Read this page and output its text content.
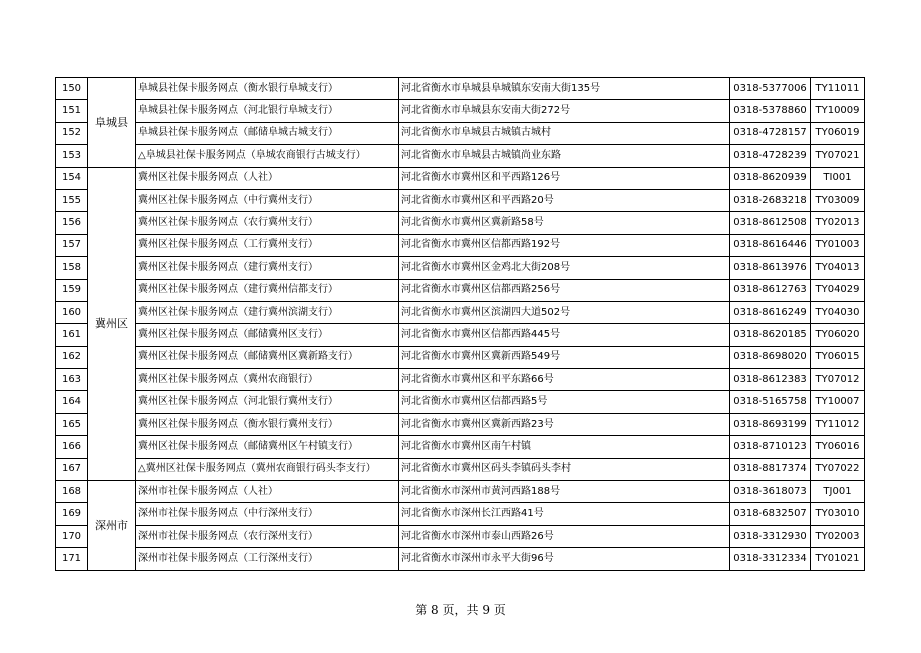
150	阜城县	阜城县社保卡服务网点（衡水银行阜城支行）	河北省衡水市阜城县阜城镇东安南大街135号	0318-5377006	TY11011
151		阜城县社保卡服务网点（河北银行阜城支行）	河北省衡水市阜城县东安南大街272号	0318-5378860	TY10009
152		阜城县社保卡服务网点（邮储阜城古城支行）	河北省衡水市阜城县古城镇古城村	0318-4728157	TY06019
153		△阜城县社保卡服务网点（阜城农商银行古城支行）	河北省衡水市阜城县古城镇尚业东路	0318-4728239	TY07021
154	冀州区	冀州区社保卡服务网点（人社）	河北省衡水市冀州区和平西路126号	0318-8620939	TI001
155		冀州区社保卡服务网点（中行冀州支行）	河北省衡水市冀州区和平西路20号	0318-2683218	TY03009
156		冀州区社保卡服务网点（农行冀州支行）	河北省衡水市冀州区冀新路58号	0318-8612508	TY02013
157		冀州区社保卡服务网点（工行冀州支行）	河北省衡水市冀州区信都西路192号	0318-8616446	TY01003
158		冀州区社保卡服务网点（建行冀州支行）	河北省衡水市冀州区金鸡北大街208号	0318-8613976	TY04013
159		冀州区社保卡服务网点（建行冀州信都支行）	河北省衡水市冀州区信都西路256号	0318-8612763	TY04029
160		冀州区社保卡服务网点（建行冀州滨湖支行）	河北省衡水市冀州区滨湖四大道502号	0318-8616249	TY04030
161		冀州区社保卡服务网点（邮储冀州区支行）	河北省衡水市冀州区信都西路445号	0318-8620185	TY06020
162		冀州区社保卡服务网点（邮储冀州区冀新路支行）	河北省衡水市冀州区冀新西路549号	0318-8698020	TY06015
163		冀州区社保卡服务网点（冀州农商银行）	河北省衡水市冀州区和平东路66号	0318-8612383	TY07012
164		冀州区社保卡服务网点（河北银行冀州支行）	河北省衡水市冀州区信都西路5号	0318-5165758	TY10007
165		冀州区社保卡服务网点（衡水银行冀州支行）	河北省衡水市冀州区冀新西路23号	0318-8693199	TY11012
166		冀州区社保卡服务网点（邮储冀州区午村镇支行）	河北省衡水市冀州区南午村镇	0318-8710123	TY06016
167		△冀州区社保卡服务网点（冀州农商银行码头李支行）	河北省衡水市冀州区码头李镇码头李村	0318-8817374	TY07022
168	深州市	深州市社保卡服务网点（人社）	河北省衡水市深州市黄河西路188号	0318-3618073	TJ001
169		深州市社保卡服务网点（中行深州支行）	河北省衡水市深州长江西路41号	0318-6832507	TY03010
170		深州市社保卡服务网点（农行深州支行）	河北省衡水市深州市泰山西路26号	0318-3312930	TY02003
171		深州市社保卡服务网点（工行深州支行）	河北省衡水市深州市永平大街96号	0318-3312334	TY01021
第 8 页，共 9 页
